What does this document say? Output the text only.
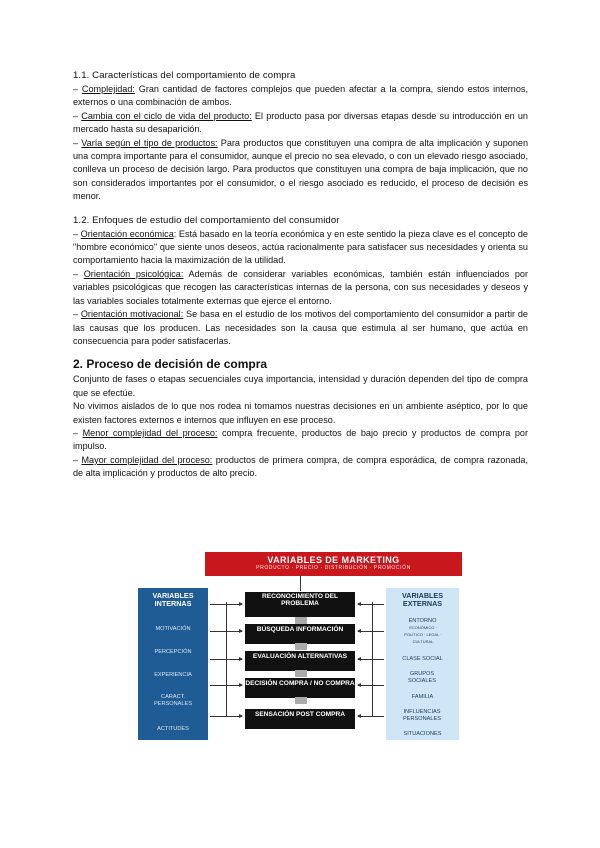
1.1. Características del comportamiento de compra

– Complejidad: Gran cantidad de factores complejos que pueden afectar a la compra, siendo estos internos, externos o una combinación de ambos.

– Cambia con el ciclo de vida del producto: El producto pasa por diversas etapas desde su introducción en un mercado hasta su desaparición.

– Varía según el tipo de productos: Para productos que constituyen una compra de alta implicación y suponen una compra importante para el consumidor, aunque el precio no sea elevado, o con un elevado riesgo asociado, conlleva un proceso de decisión largo. Para productos que constituyen una compra de baja implicación, que no son considerados importantes por el consumidor, o el riesgo asociado es reducido, el proceso de decisión es menor.

1.2. Enfoques de estudio del comportamiento del consumidor

– Orientación económica: Está basado en la teoría económica y en este sentido la pieza clave es el concepto de "hombre económico" que siente unos deseos, actúa racionalmente para satisfacer sus necesidades y orienta su comportamiento hacia la maximización de la utilidad.

– Orientación psicológica: Además de considerar variables económicas, también están influenciados por variables psicológicas que recogen las características internas de la persona, con sus necesidades y deseos y las variables sociales totalmente externas que ejerce el entorno.

– Orientación motivacional: Se basa en el estudio de los motivos del comportamiento del consumidor a partir de las causas que los producen. Las necesidades son la causa que estimula al ser humano, que actúa en consecuencia para poder satisfacerlas.

2. Proceso de decisión de compra

Conjunto de fases o etapas secuenciales cuya importancia, intensidad y duración dependen del tipo de compra que se efectúe.

No vivimos aislados de lo que nos rodea ni tomamos nuestras decisiones en un ambiente aséptico, por lo que existen factores externos e internos que influyen en ese proceso.

– Menor complejidad del proceso: compra frecuente, productos de bajo precio y productos de compra por impulso.

– Mayor complejidad del proceso: productos de primera compra, de compra esporádica, de compra razonada, de alta implicación y productos de alto precio.

VARIABLES DE MARKETING
PRODUCTO · PRECIO · DISTRIBUCIÓN · PROMOCIÓN
VARIABLES INTERNAS
MOTIVACIÓN
PERCEPCIÓN
EXPERIENCIA
CARACT. PERSONALES
ACTITUDES
VARIABLES EXTERNAS
ENTORNO
ECONÓMICO · POLÍTICO · LEGAL · CULTURAL
CLASE SOCIAL
GRUPOS SOCIALES
FAMILIA
INFLUENCIAS PERSONALES
SITUACIONES
RECONOCIMIENTO DEL PROBLEMA
BÚSQUEDA INFORMACIÓN
EVALUACIÓN ALTERNATIVAS
DECISIÓN COMPRA / NO COMPRA
SENSACIÓN POST COMPRA
